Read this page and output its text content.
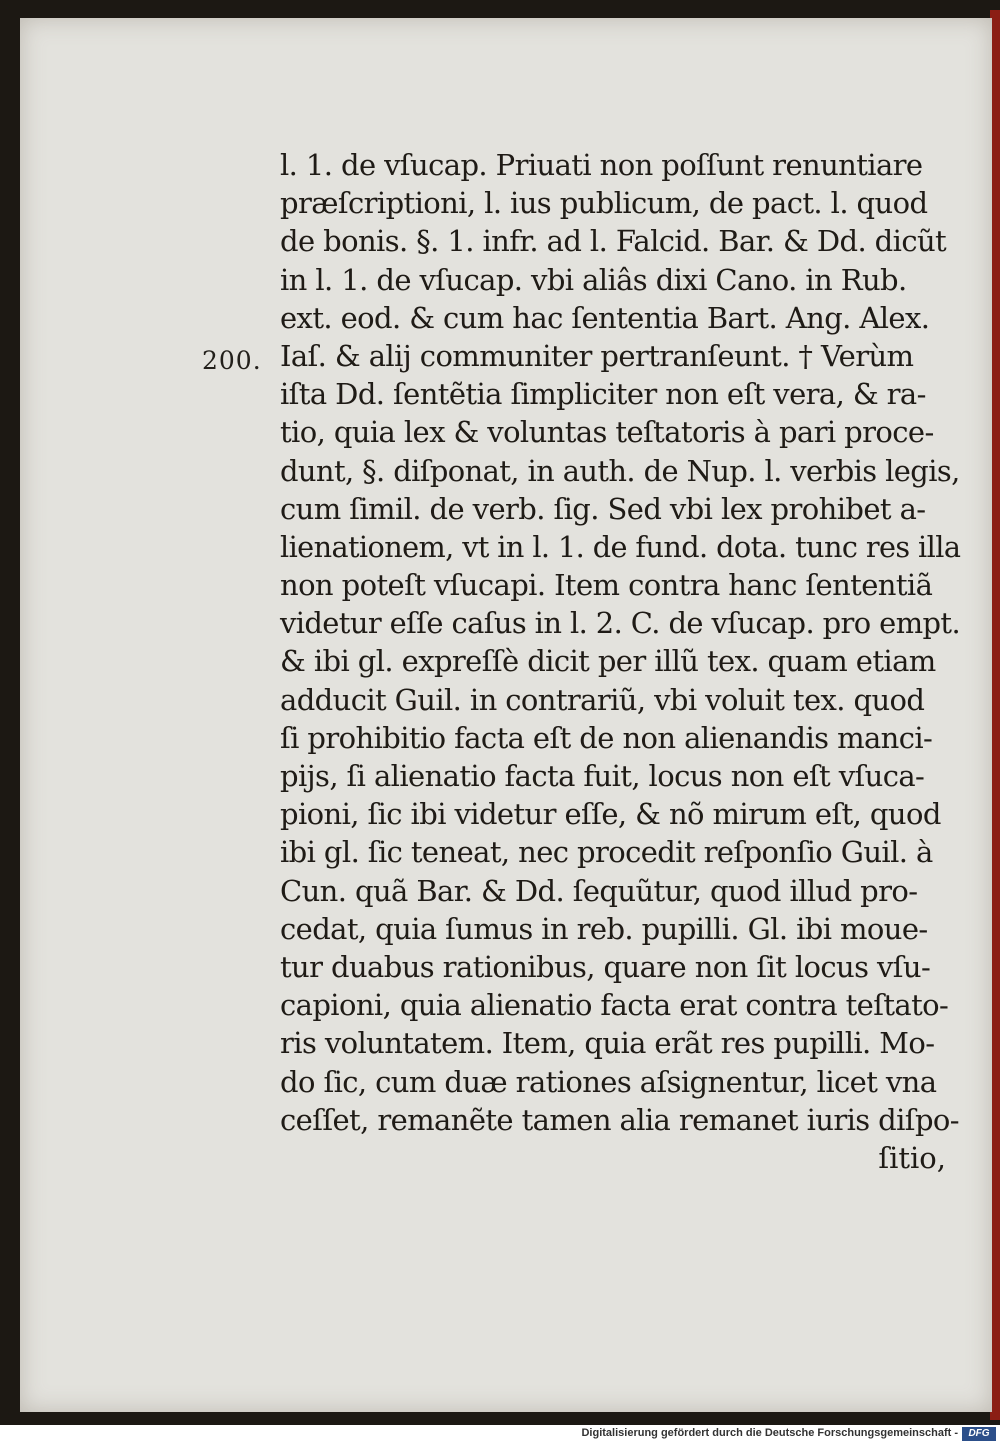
200.
l. 1. de vſucap. Priuati non poſſunt renuntiare
præſcriptioni, l. ius publicum, de pact. l. quod
de bonis. §. 1. infr. ad l. Falcid. Bar. & Dd. dicũt
in l. 1. de vſucap. vbi aliâs dixi Cano. in Rub.
ext. eod. & cum hac ſententia Bart. Ang. Alex.
Iaſ. & alij communiter pertranſeunt. † Verùm
iſta Dd. ſentẽtia ſimpliciter non eſt vera, & ra-
tio, quia lex & voluntas teſtatoris à pari proce-
dunt, §. diſponat, in auth. de Nup. l. verbis legis,
cum ſimil. de verb. ſig. Sed vbi lex prohibet a-
lienationem, vt in l. 1. de fund. dota. tunc res illa
non poteſt vſucapi. Item contra hanc ſententiã
videtur eſſe caſus in l. 2. C. de vſucap. pro empt.
& ibi gl. expreſſè dicit per illũ tex. quam etiam
adducit Guil. in contrariũ, vbi voluit tex. quod
ſi prohibitio facta eſt de non alienandis manci-
pijs, ſi alienatio facta fuit, locus non eſt vſuca-
pioni, ſic ibi videtur eſſe, & nõ mirum eſt, quod
ibi gl. ſic teneat, nec procedit reſponſio Guil. à
Cun. quã Bar. & Dd. ſequũtur, quod illud pro-
cedat, quia ſumus in reb. pupilli. Gl. ibi moue-
tur duabus rationibus, quare non ſit locus vſu-
capioni, quia alienatio facta erat contra teſtato-
ris voluntatem. Item, quia erãt res pupilli. Mo-
do ſic, cum duæ rationes aſsignentur, licet vna
ceſſet, remanẽte tamen alia remanet iuris diſpo-
ſitio,
Digitalisierung gefördert durch die Deutsche Forschungsgemeinschaft -	DFG
